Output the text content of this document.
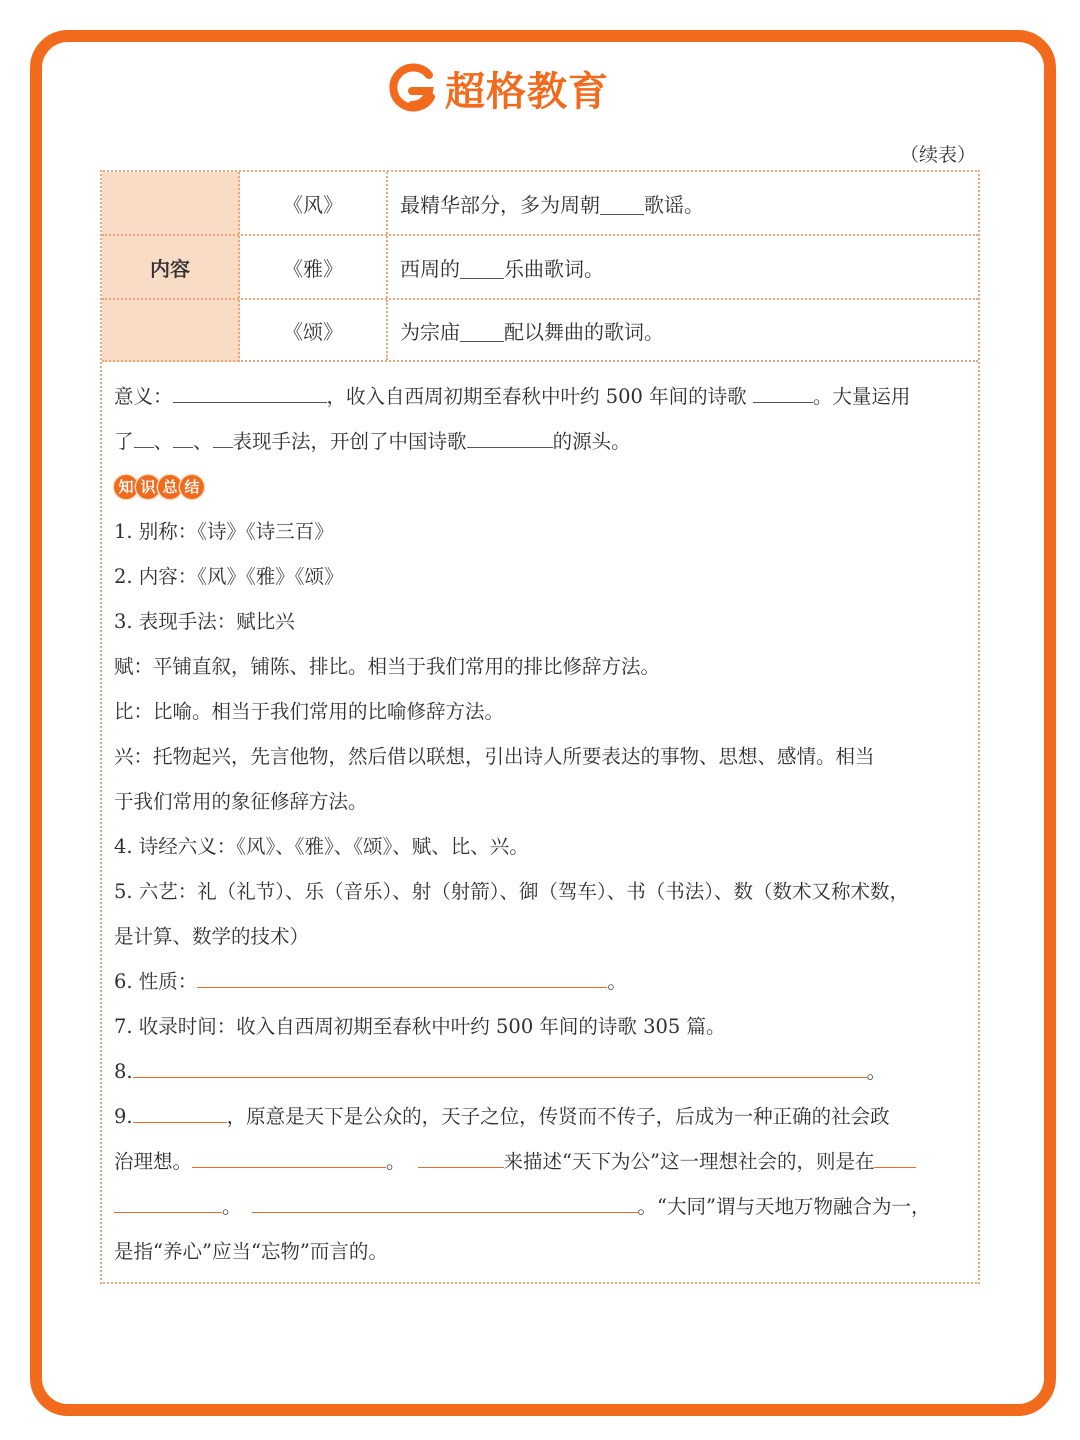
超格教育
（续表）
内容
《风》	最精华部分，多为周朝 歌谣。
《雅》	西周的 乐曲歌词。
《颂》	为宗庙 配以舞曲的歌词。
意义：	，收入自西周初期至春秋中叶约 500 年间的诗歌	。大量运用
了 、 、 表现手法，开创了中国诗歌	的源头。
知 识 总 结
1. 别称：《诗》《诗三百》
2. 内容：《风》《雅》《颂》
3. 表现手法：赋比兴
赋：平铺直叙，铺陈、排比。相当于我们常用的排比修辞方法。
比：比喻。相当于我们常用的比喻修辞方法。
兴：托物起兴，先言他物，然后借以联想，引出诗人所要表达的事物、思想、感情。相当
于我们常用的象征修辞方法。
4. 诗经六义：《风》、《雅》、《颂》、赋、比、兴。
5. 六艺：礼（礼节）、乐（音乐）、射（射箭）、御（驾车）、书（书法）、数（数术又称术数，
是计算、数学的技术）
6. 性质：	。
7. 收录时间：收入自西周初期至春秋中叶约 500 年间的诗歌 305 篇。
8.	。
9.	，原意是天下是公众的，天子之位，传贤而不传子，后成为一种正确的社会政
治理想。	。	来描述“天下为公”这一理想社会的，则是在
。	。“大同”谓与天地万物融合为一，
是指“养心”应当“忘物”而言的。
